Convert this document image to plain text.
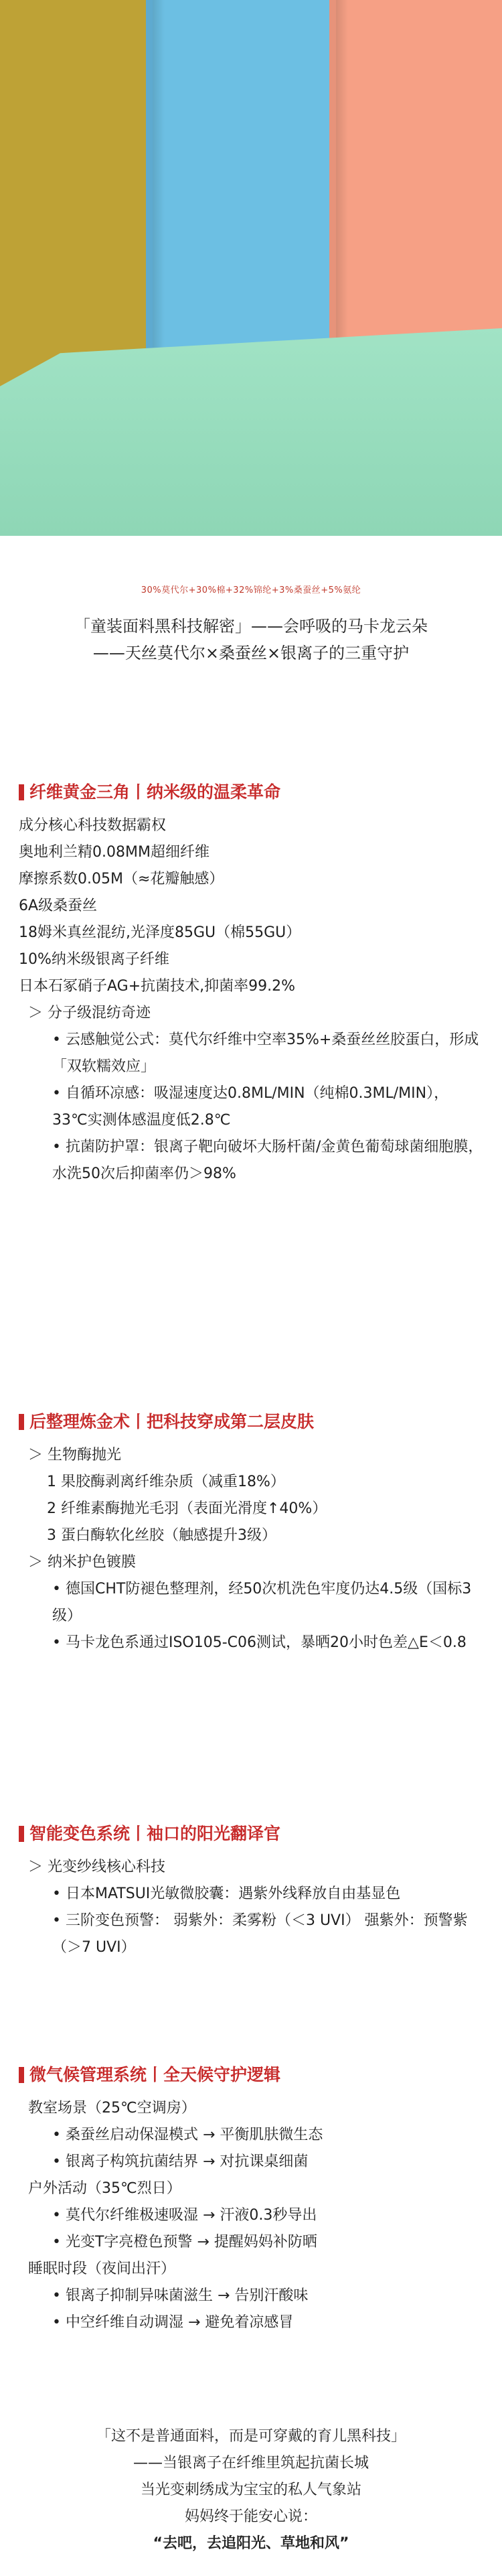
30%莫代尔+30%棉+32%锦纶+3%桑蚕丝+5%氨纶
「童装面料黑科技解密」——会呼吸的马卡龙云朵
——天丝莫代尔×桑蚕丝×银离子的三重守护
纤维黄金三角丨纳米级的温柔革命
成分核心科技数据霸权
奥地利兰精0.08MM超细纤维
摩擦系数0.05M（≈花瓣触感）
6A级桑蚕丝
18姆米真丝混纺,光泽度85GU（棉55GU）
10%纳米级银离子纤维
日本石冢硝子AG+抗菌技术,抑菌率99.2%
＞ 分子级混纺奇迹
• 云感触觉公式：莫代尔纤维中空率35%+桑蚕丝丝胶蛋白，形成「双软糯效应」
• 自循环凉感：吸湿速度达0.8ML/MIN（纯棉0.3ML/MIN），33℃实测体感温度低2.8℃
• 抗菌防护罩：银离子靶向破坏大肠杆菌/金黄色葡萄球菌细胞膜，水洗50次后抑菌率仍＞98%
后整理炼金术丨把科技穿成第二层皮肤
＞ 生物酶抛光
1 果胶酶剥离纤维杂质（减重18%）
2 纤维素酶抛光毛羽（表面光滑度↑40%）
3 蛋白酶软化丝胶（触感提升3级）
＞ 纳米护色镀膜
• 德国CHT防褪色整理剂，经50次机洗色牢度仍达4.5级（国标3级）
• 马卡龙色系通过ISO105-C06测试，暴晒20小时色差△E＜0.8
智能变色系统丨袖口的阳光翻译官
＞ 光变纱线核心科技
• 日本MATSUI光敏微胶囊：遇紫外线释放自由基显色
• 三阶变色预警： 弱紫外：柔雾粉（＜3 UVI） 强紫外：预警紫（＞7 UVI）
微气候管理系统丨全天候守护逻辑
教室场景（25℃空调房）
• 桑蚕丝启动保湿模式 → 平衡肌肤微生态
• 银离子构筑抗菌结界 → 对抗课桌细菌
户外活动（35℃烈日）
• 莫代尔纤维极速吸湿 → 汗液0.3秒导出
• 光变T字亮橙色预警 → 提醒妈妈补防晒
睡眠时段（夜间出汗）
• 银离子抑制异味菌滋生 → 告别汗酸味
• 中空纤维自动调湿 → 避免着凉感冒
「这不是普通面料，而是可穿戴的育儿黑科技」
——当银离子在纤维里筑起抗菌长城
当光变刺绣成为宝宝的私人气象站
妈妈终于能安心说：
“去吧，去追阳光、草地和风”
